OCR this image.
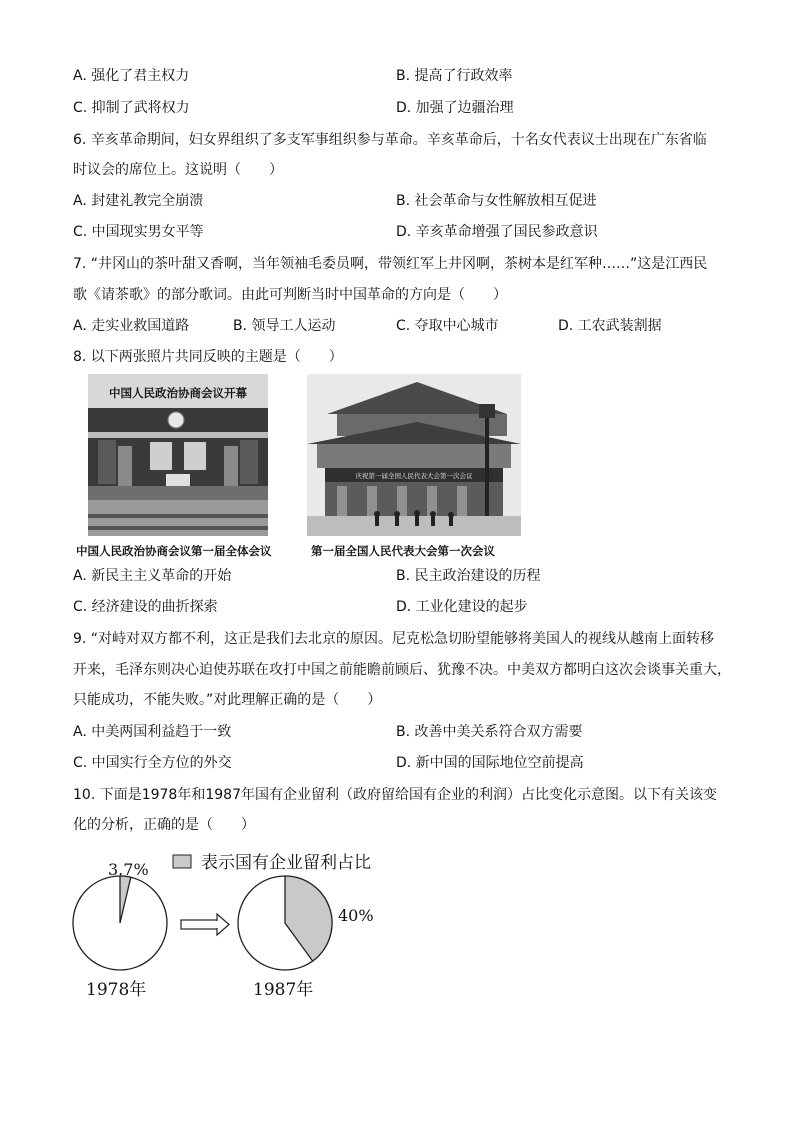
A. 强化了君主权力	B. 提高了行政效率
C. 抑制了武将权力	D. 加强了边疆治理
6. 辛亥革命期间，妇女界组织了多支军事组织参与革命。辛亥革命后，十名女代表议士出现在广东省临
时议会的席位上。这说明（　　）
A. 封建礼教完全崩溃	B. 社会革命与女性解放相互促进
C. 中国现实男女平等	D. 辛亥革命增强了国民参政意识
7. “井冈山的茶叶甜又香啊，当年领袖毛委员啊，带领红军上井冈啊，茶树本是红军种……”这是江西民
歌《请茶歌》的部分歌词。由此可判断当时中国革命的方向是（　　）
A. 走实业救国道路	B. 领导工人运动	C. 夺取中心城市	D. 工农武装割据
8. 以下两张照片共同反映的主题是（　　）
中国人民政治协商会议开幕
庆祝第一届全国人民代表大会第一次会议
中国人民政治协商会议第一届全体会议	第一届全国人民代表大会第一次会议
A. 新民主主义革命的开始	B. 民主政治建设的历程
C. 经济建设的曲折探索	D. 工业化建设的起步
9. “对峙对双方都不利，这正是我们去北京的原因。尼克松急切盼望能够将美国人的视线从越南上面转移
开来，毛泽东则决心迫使苏联在攻打中国之前能瞻前顾后、犹豫不决。中美双方都明白这次会谈事关重大，
只能成功，不能失败。”对此理解正确的是（　　）
A. 中美两国利益趋于一致	B. 改善中美关系符合双方需要
C. 中国实行全方位的外交	D. 新中国的国际地位空前提高
10. 下面是1978年和1987年国有企业留利（政府留给国有企业的利润）占比变化示意图。以下有关该变
化的分析，正确的是（　　）
表示国有企业留利占比
3.7%
1978年
40%
1987年
